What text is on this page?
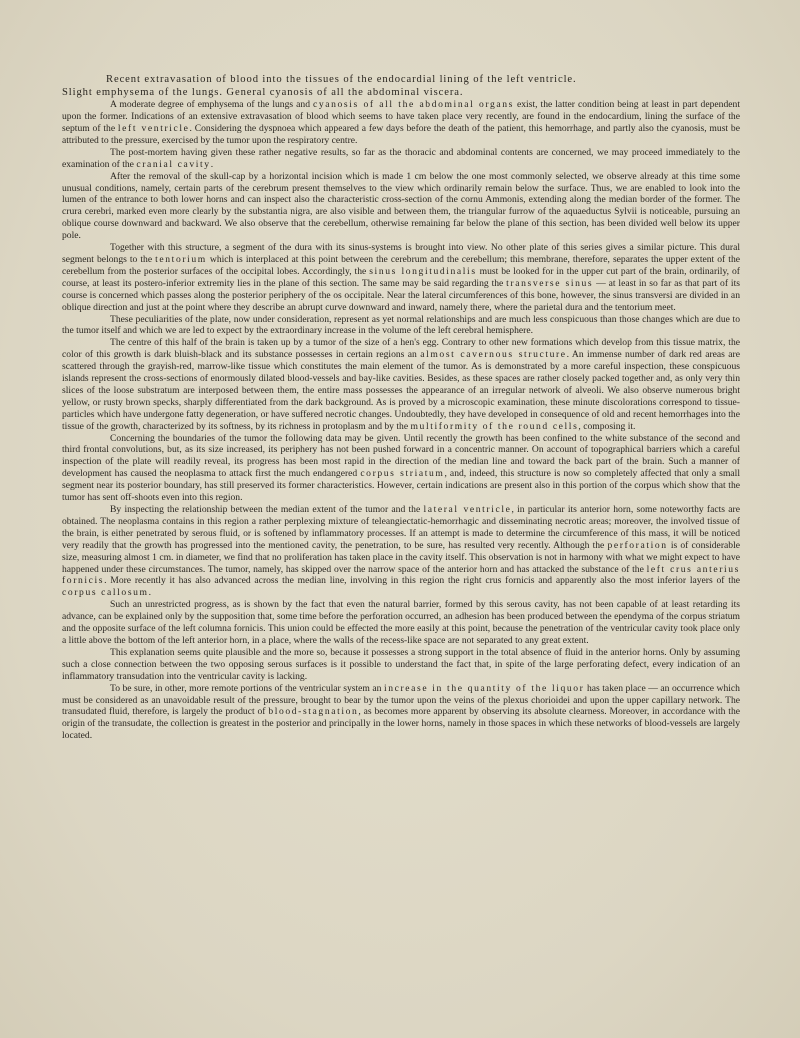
Recent extravasation of blood into the tissues of the endocardial lining of the left ventricle.
Slight emphysema of the lungs. General cyanosis of all the abdominal viscera.

A moderate degree of emphysema of the lungs and cyanosis of all the abdominal organs exist, the latter condition being at least in part dependent upon the former. Indications of an extensive extravasation of blood which seems to have taken place very recently, are found in the endocardium, lining the surface of the septum of the left ventricle. Considering the dyspnoea which appeared a few days before the death of the patient, this hemorrhage, and partly also the cyanosis, must be attributed to the pressure, exercised by the tumor upon the respiratory centre.

The post-mortem having given these rather negative results, so far as the thoracic and abdominal contents are concerned, we may proceed immediately to the examination of the cranial cavity.

After the removal of the skull-cap by a horizontal incision which is made 1 cm below the one most commonly selected, we observe already at this time some unusual conditions, namely, certain parts of the cerebrum present themselves to the view which ordinarily remain below the surface. Thus, we are enabled to look into the lumen of the entrance to both lower horns and can inspect also the characteristic cross-section of the cornu Ammonis, extending along the median border of the former. The crura cerebri, marked even more clearly by the substantia nigra, are also visible and between them, the triangular furrow of the aquaeductus Sylvii is noticeable, pursuing an oblique course downward and backward. We also observe that the cerebellum, otherwise remaining far below the plane of this section, has been divided well below its upper pole.

Together with this structure, a segment of the dura with its sinus-systems is brought into view. No other plate of this series gives a similar picture. This dural segment belongs to the tentorium which is interplaced at this point between the cerebrum and the cerebellum; this membrane, therefore, separates the upper extent of the cerebellum from the posterior surfaces of the occipital lobes. Accordingly, the sinus longitudinalis must be looked for in the upper cut part of the brain, ordinarily, of course, at least its postero-inferior extremity lies in the plane of this section. The same may be said regarding the transverse sinus — at least in so far as that part of its course is concerned which passes along the posterior periphery of the os occipitale. Near the lateral circumferences of this bone, however, the sinus transversi are divided in an oblique direction and just at the point where they describe an abrupt curve downward and inward, namely there, where the parietal dura and the tentorium meet.

These peculiarities of the plate, now under consideration, represent as yet normal relationships and are much less conspicuous than those changes which are due to the tumor itself and which we are led to expect by the extraordinary increase in the volume of the left cerebral hemisphere.

The centre of this half of the brain is taken up by a tumor of the size of a hen's egg. Contrary to other new formations which develop from this tissue matrix, the color of this growth is dark bluish-black and its substance possesses in certain regions an almost cavernous structure. An immense number of dark red areas are scattered through the grayish-red, marrow-like tissue which constitutes the main element of the tumor. As is demonstrated by a more careful inspection, these conspicuous islands represent the cross-sections of enormously dilated blood-vessels and bay-like cavities. Besides, as these spaces are rather closely packed together and, as only very thin slices of the loose substratum are interposed between them, the entire mass possesses the appearance of an irregular network of alveoli. We also observe numerous bright yellow, or rusty brown specks, sharply differentiated from the dark background. As is proved by a microscopic examination, these minute discolorations correspond to tissue-particles which have undergone fatty degeneration, or have suffered necrotic changes. Undoubtedly, they have developed in consequence of old and recent hemorrhages into the tissue of the growth, characterized by its softness, by its richness in protoplasm and by the multiformity of the round cells, composing it.

Concerning the boundaries of the tumor the following data may be given. Until recently the growth has been confined to the white substance of the second and third frontal convolutions, but, as its size increased, its periphery has not been pushed forward in a concentric manner. On account of topographical barriers which a careful inspection of the plate will readily reveal, its progress has been most rapid in the direction of the median line and toward the back part of the brain. Such a manner of development has caused the neoplasma to attack first the much endangered corpus striatum, and, indeed, this structure is now so completely affected that only a small segment near its posterior boundary, has still preserved its former characteristics. However, certain indications are present also in this portion of the corpus which show that the tumor has sent off-shoots even into this region.

By inspecting the relationship between the median extent of the tumor and the lateral ventricle, in particular its anterior horn, some noteworthy facts are obtained. The neoplasma contains in this region a rather perplexing mixture of teleangiectatic-hemorrhagic and disseminating necrotic areas; moreover, the involved tissue of the brain, is either penetrated by serous fluid, or is softened by inflammatory processes. If an attempt is made to determine the circumference of this mass, it will be noticed very readily that the growth has progressed into the mentioned cavity, the penetration, to be sure, has resulted very recently. Although the perforation is of considerable size, measuring almost 1 cm. in diameter, we find that no proliferation has taken place in the cavity itself. This observation is not in harmony with what we might expect to have happened under these circumstances. The tumor, namely, has skipped over the narrow space of the anterior horn and has attacked the substance of the left crus anterius fornicis. More recently it has also advanced across the median line, involving in this region the right crus fornicis and apparently also the most inferior layers of the corpus callosum.

Such an unrestricted progress, as is shown by the fact that even the natural barrier, formed by this serous cavity, has not been capable of at least retarding its advance, can be explained only by the supposition that, some time before the perforation occurred, an adhesion has been produced between the ependyma of the corpus striatum and the opposite surface of the left columna fornicis. This union could be effected the more easily at this point, because the penetration of the ventricular cavity took place only a little above the bottom of the left anterior horn, in a place, where the walls of the recess-like space are not separated to any great extent.

This explanation seems quite plausible and the more so, because it possesses a strong support in the total absence of fluid in the anterior horns. Only by assuming such a close connection between the two opposing serous surfaces is it possible to understand the fact that, in spite of the large perforating defect, every indication of an inflammatory transudation into the ventricular cavity is lacking.

To be sure, in other, more remote portions of the ventricular system an increase in the quantity of the liquor has taken place — an occurrence which must be considered as an unavoidable result of the pressure, brought to bear by the tumor upon the veins of the plexus chorioidei and upon the upper capillary network. The transudated fluid, therefore, is largely the product of blood-stagnation, as becomes more apparent by observing its absolute clearness. Moreover, in accordance with the origin of the transudate, the collection is greatest in the posterior and principally in the lower horns, namely in those spaces in which these networks of blood-vessels are largely located.
